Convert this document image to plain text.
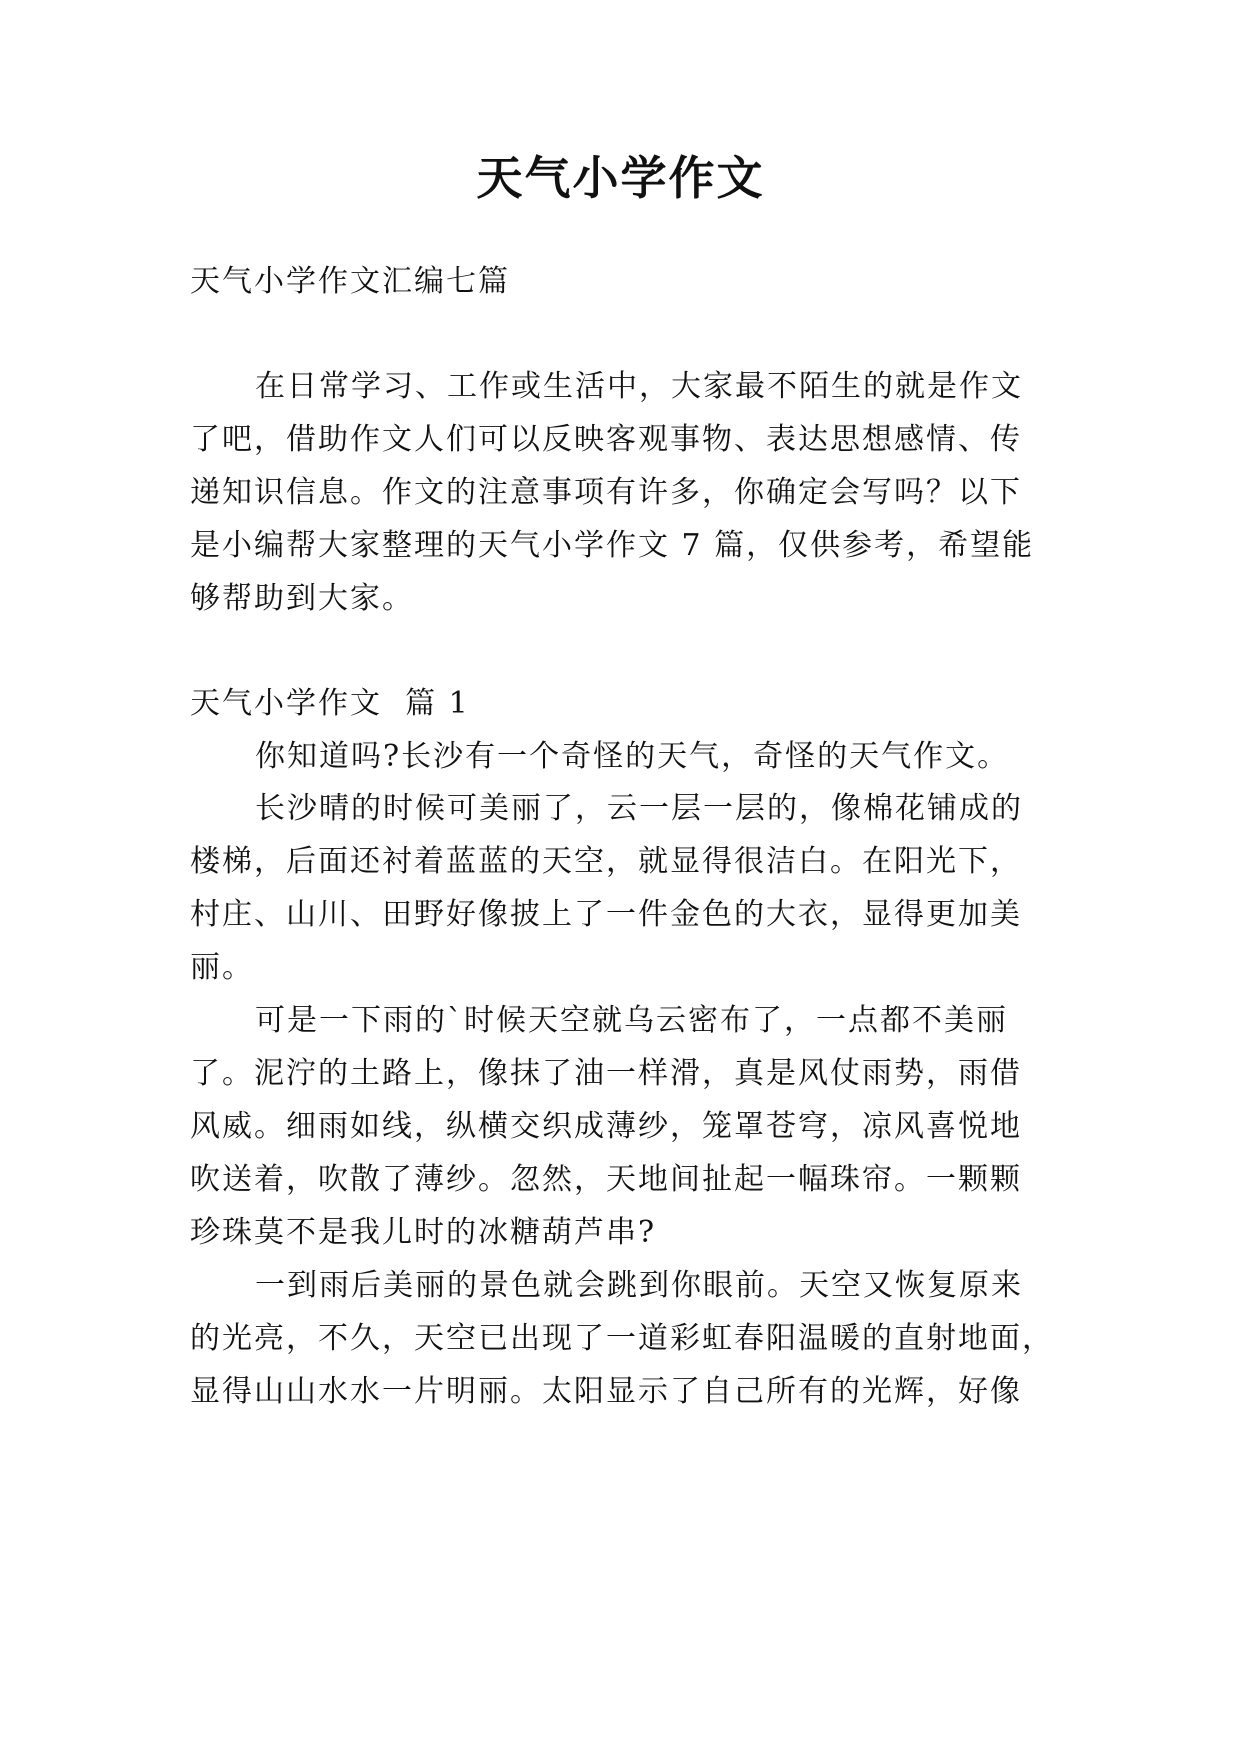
天气小学作文
天气小学作文汇编七篇
在日常学习、工作或生活中，大家最不陌生的就是作文
了吧，借助作文人们可以反映客观事物、表达思想感情、传
递知识信息。作文的注意事项有许多，你确定会写吗？以下
是小编帮大家整理的天气小学作文 7 篇，仅供参考，希望能
够帮助到大家。
天气小学作文  篇 1
你知道吗?长沙有一个奇怪的天气，奇怪的天气作文。
长沙晴的时候可美丽了，云一层一层的，像棉花铺成的
楼梯，后面还衬着蓝蓝的天空，就显得很洁白。在阳光下，
村庄、山川、田野好像披上了一件金色的大衣，显得更加美
丽。
可是一下雨的`时候天空就乌云密布了，一点都不美丽
了。泥泞的土路上，像抹了油一样滑，真是风仗雨势，雨借
风威。细雨如线，纵横交织成薄纱，笼罩苍穹，凉风喜悦地
吹送着，吹散了薄纱。忽然，天地间扯起一幅珠帘。一颗颗
珍珠莫不是我儿时的冰糖葫芦串?
一到雨后美丽的景色就会跳到你眼前。天空又恢复原来
的光亮，不久，天空已出现了一道彩虹春阳温暖的直射地面，
显得山山水水一片明丽。太阳显示了自己所有的光辉，好像
